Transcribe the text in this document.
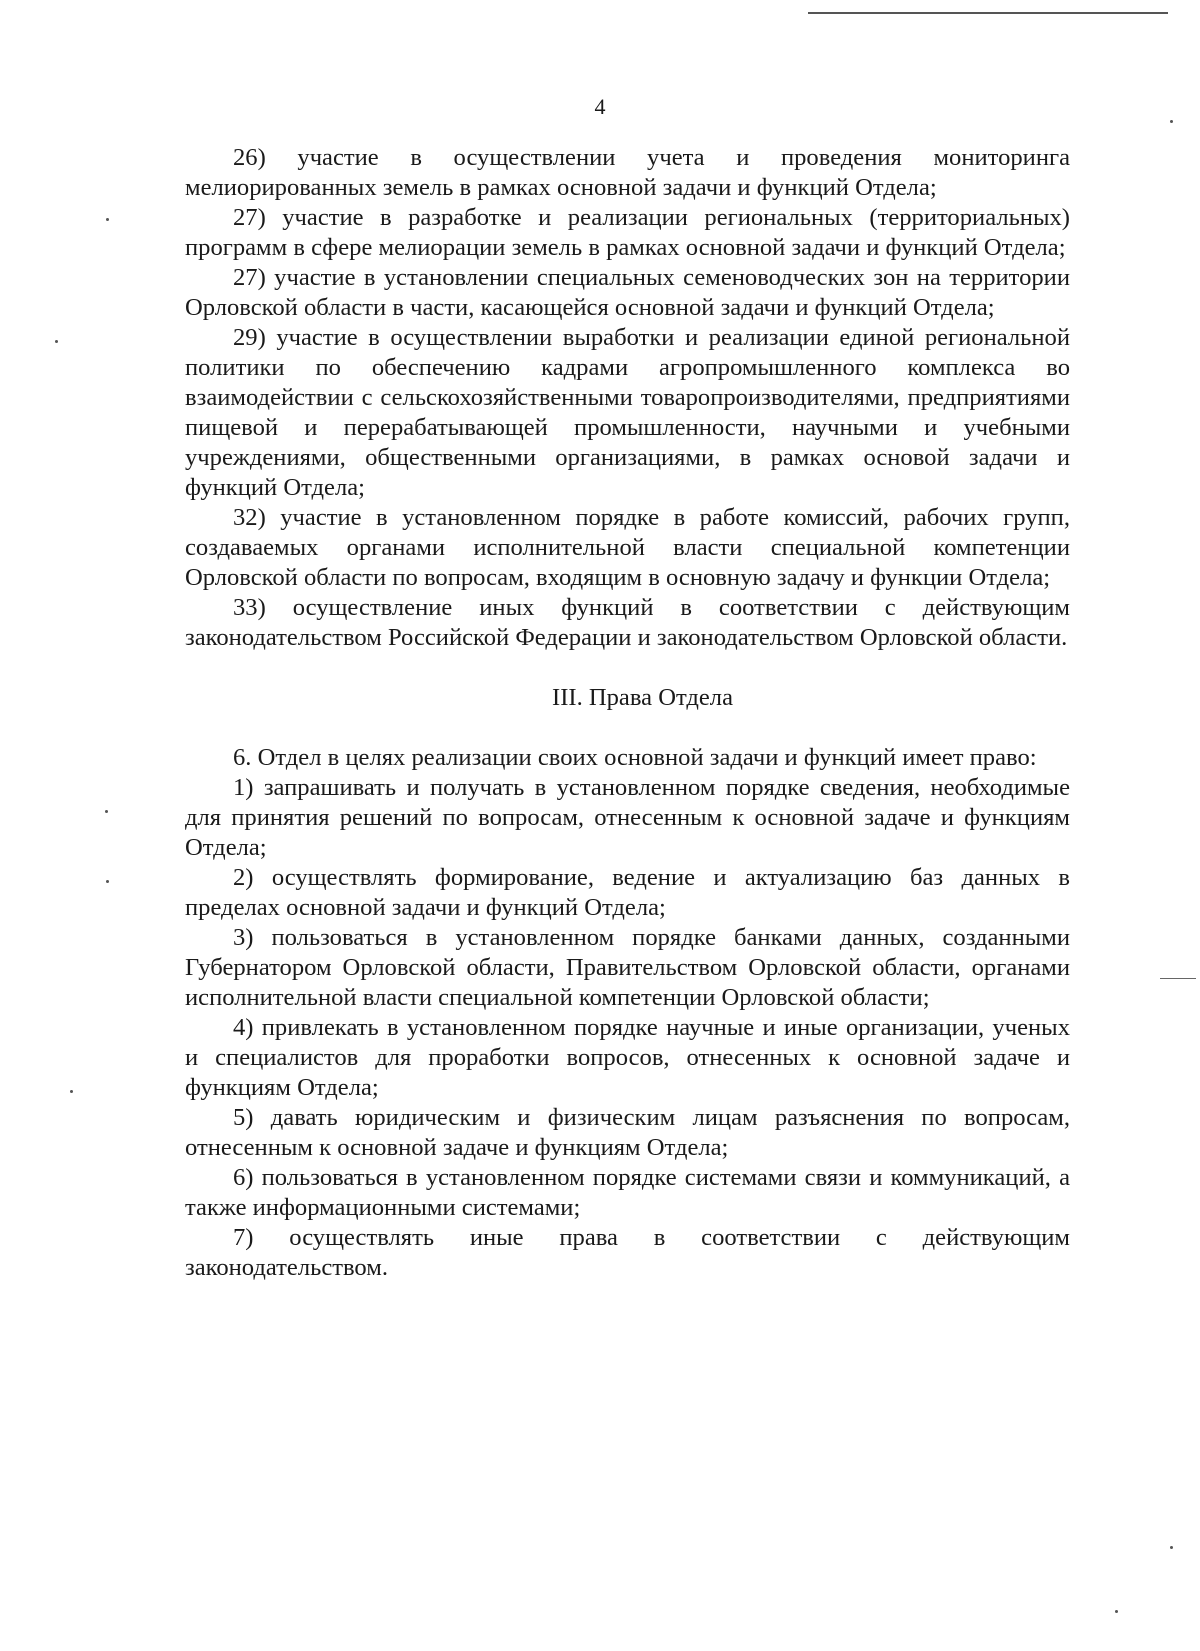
4

26) участие в осуществлении учета и проведения мониторинга мелиорированных земель в рамках основной задачи и функций Отдела;

27) участие в разработке и реализации региональных (территориальных) программ в сфере мелиорации земель в рамках основной задачи и функций Отдела;

27) участие в установлении специальных семеноводческих зон на территории Орловской области в части, касающейся основной задачи и функций Отдела;

29) участие в осуществлении выработки и реализации единой региональной политики по обеспечению кадрами агропромышленного комплекса во взаимодействии с сельскохозяйственными товаропроизводителями, предприятиями пищевой и перерабатывающей промышленности, научными и учебными учреждениями, общественными организациями, в рамках основой задачи и функций Отдела;

32) участие в установленном порядке в работе комиссий, рабочих групп, создаваемых органами исполнительной власти специальной компетенции Орловской области по вопросам, входящим в основную задачу и функции Отдела;

33) осуществление иных функций в соответствии с действующим законодательством Российской Федерации и законодательством Орловской области.

III. Права Отдела

6. Отдел в целях реализации своих основной задачи и функций имеет право:

1) запрашивать и получать в установленном порядке сведения, необходимые для принятия решений по вопросам, отнесенным к основной задаче и функциям Отдела;

2) осуществлять формирование, ведение и актуализацию баз данных в пределах основной задачи и функций Отдела;

3) пользоваться в установленном порядке банками данных, созданными Губернатором Орловской области, Правительством Орловской области, органами исполнительной власти специальной компетенции Орловской области;

4) привлекать в установленном порядке научные и иные организации, ученых и специалистов для проработки вопросов, отнесенных к основной задаче и функциям Отдела;

5) давать юридическим и физическим лицам разъяснения по вопросам, отнесенным к основной задаче и функциям Отдела;

6) пользоваться в установленном порядке системами связи и коммуникаций, а также информационными системами;

7) осуществлять иные права в соответствии с действующим законодательством.
